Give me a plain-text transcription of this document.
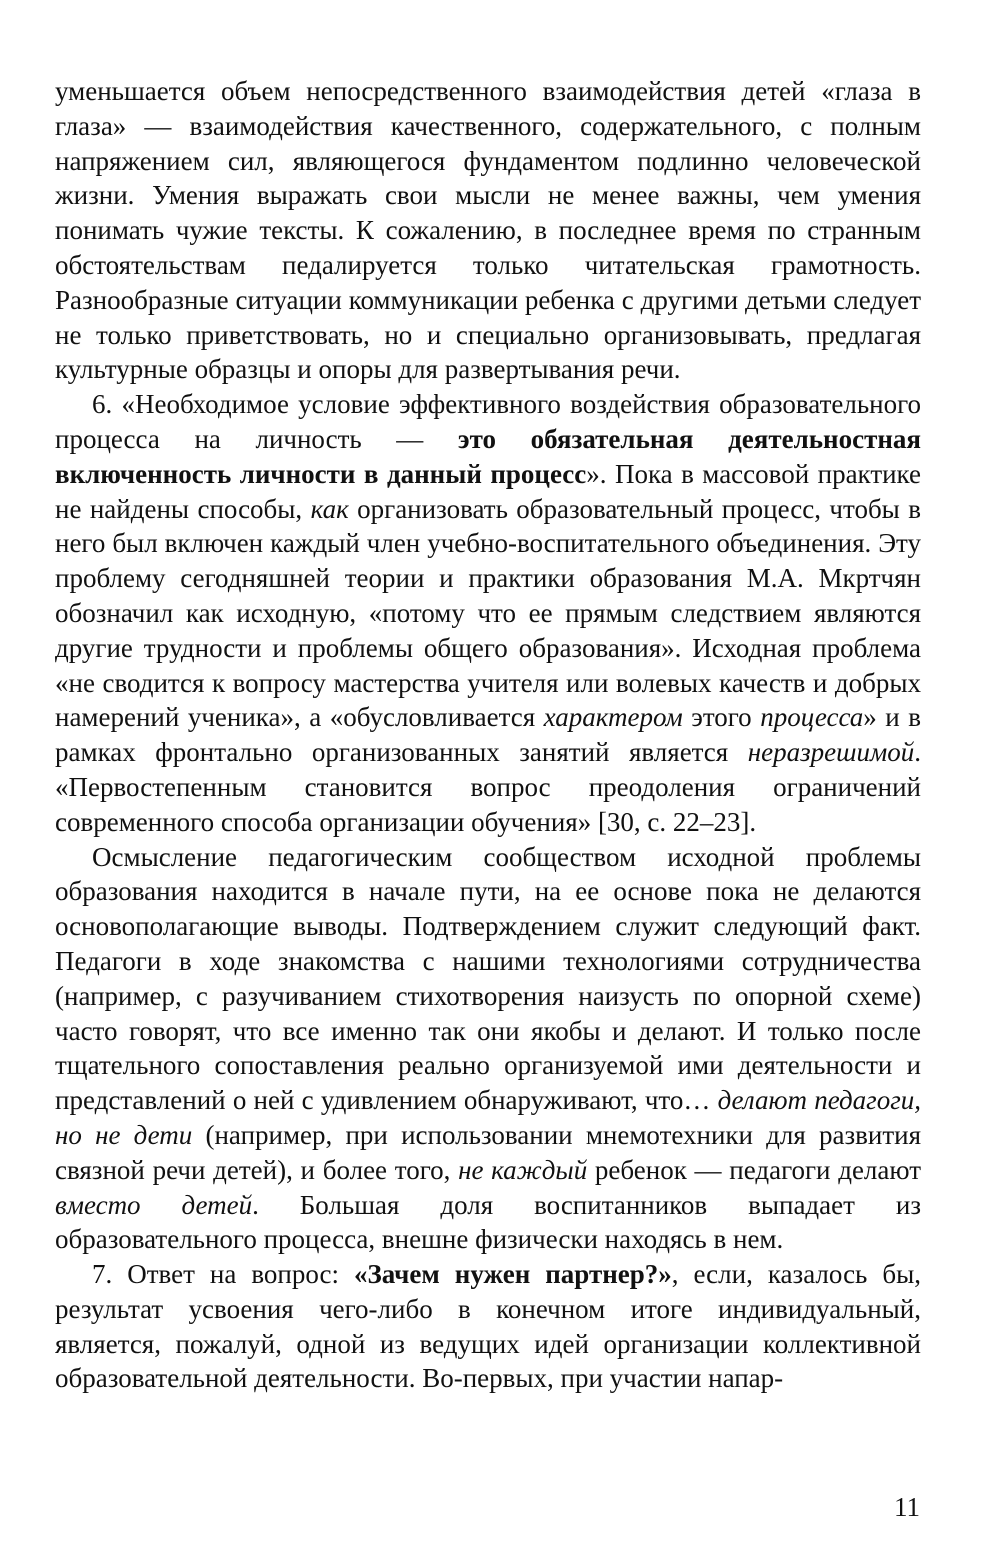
уменьшается объем непосредственного взаимодействия детей «глаза в глаза» — взаимодействия качественного, содержательного, с полным напряжением сил, являющегося фундаментом подлинно человеческой жизни. Умения выражать свои мысли не менее важны, чем умения понимать чужие тексты. К сожалению, в последнее время по странным обстоятельствам педалируется только читательская грамотность. Разнообразные ситуации коммуникации ребенка с другими детьми следует не только приветствовать, но и специально организовывать, предлагая культурные образцы и опоры для развертывания речи.

6. «Необходимое условие эффективного воздействия образовательного процесса на личность — это обязательная деятельностная включенность личности в данный процесс». Пока в массовой практике не найдены способы, как организовать образовательный процесс, чтобы в него был включен каждый член учебно-воспитательного объединения. Эту проблему сегодняшней теории и практики образования М.А. Мкртчян обозначил как исходную, «потому что ее прямым следствием являются другие трудности и проблемы общего образования». Исходная проблема «не сводится к вопросу мастерства учителя или волевых качеств и добрых намерений ученика», а «обусловливается характером этого процесса» и в рамках фронтально организованных занятий является неразрешимой. «Первостепенным становится вопрос преодоления ограничений современного способа организации обучения» [30, с. 22–23].

Осмысление педагогическим сообществом исходной проблемы образования находится в начале пути, на ее основе пока не делаются основополагающие выводы. Подтверждением служит следующий факт. Педагоги в ходе знакомства с нашими технологиями сотрудничества (например, с разучиванием стихотворения наизусть по опорной схеме) часто говорят, что все именно так они якобы и делают. И только после тщательного сопоставления реально организуемой ими деятельности и представлений о ней с удивлением обнаруживают, что… делают педагоги, но не дети (например, при использовании мнемотехники для развития связной речи детей), и более того, не каждый ребенок — педагоги делают вместо детей. Большая доля воспитанников выпадает из образовательного процесса, внешне физически находясь в нем.

7. Ответ на вопрос: «Зачем нужен партнер?», если, казалось бы, результат усвоения чего-либо в конечном итоге индивидуальный, является, пожалуй, одной из ведущих идей организации коллективной образовательной деятельности. Во-первых, при участии напар-

11
